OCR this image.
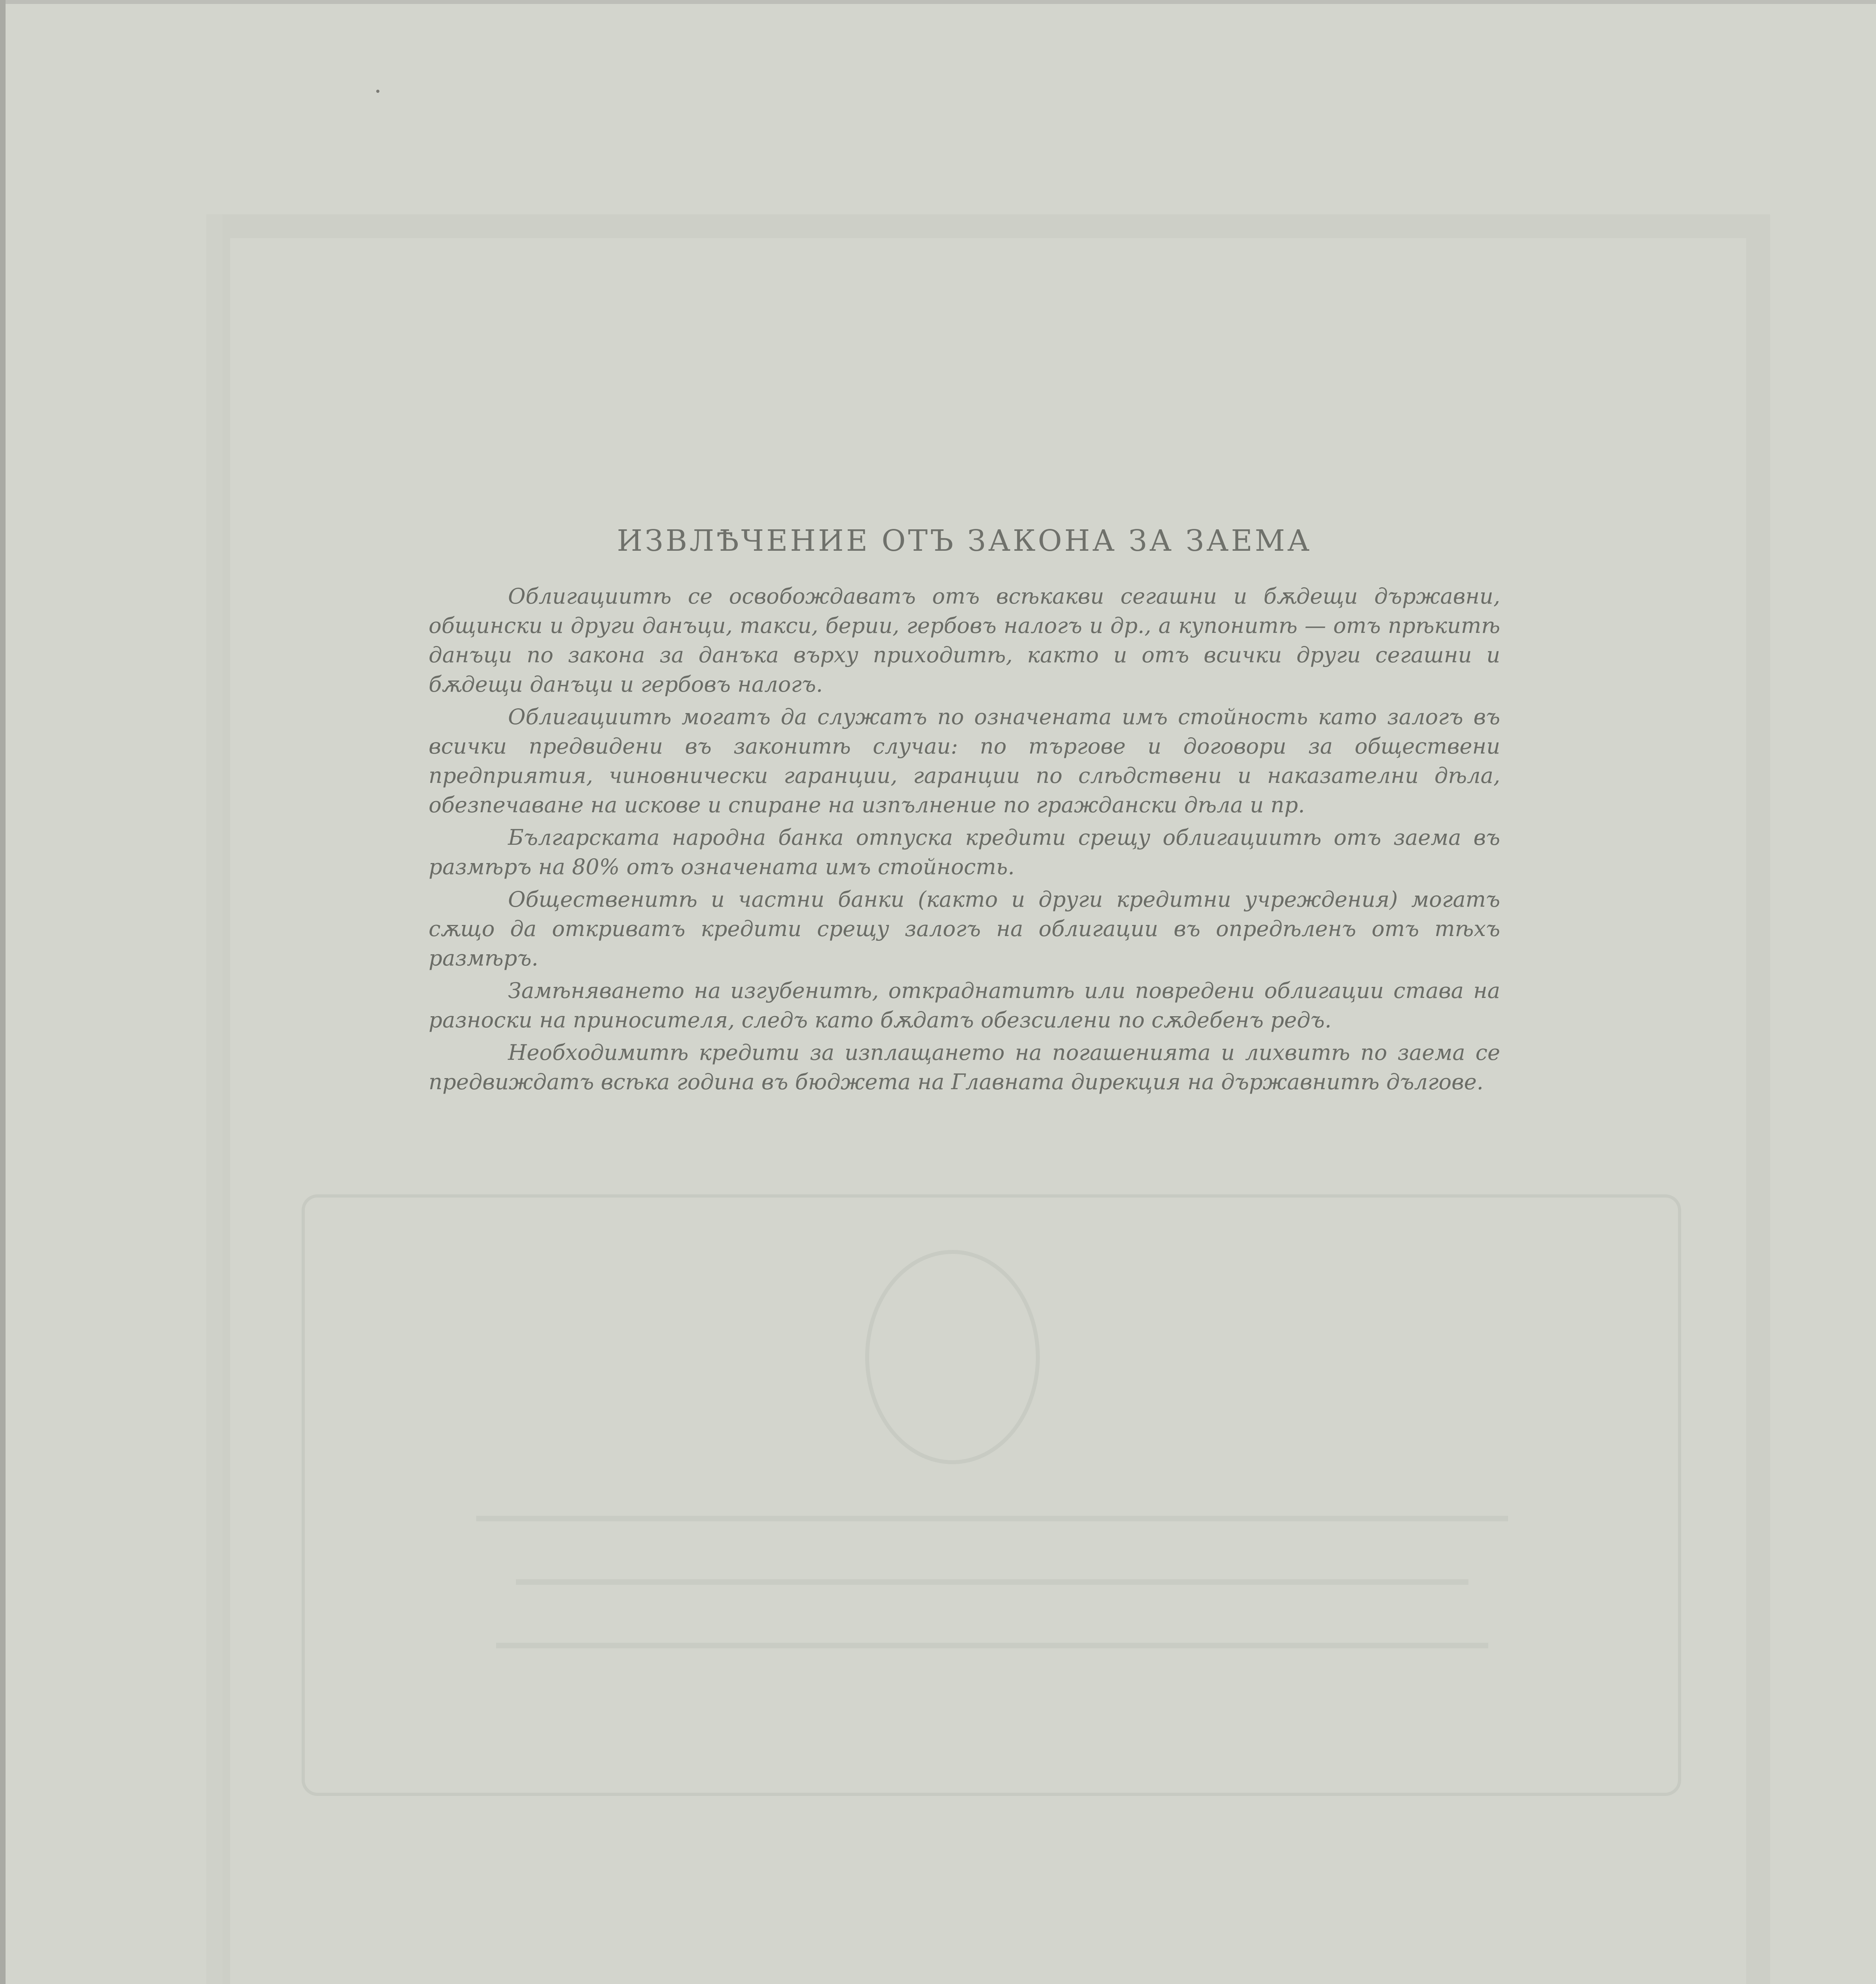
ИЗВЛѢЧЕНИЕ ОТЪ ЗАКОНА ЗА ЗАЕМА

Облигациитѣ се освобождаватъ отъ всѣкакви сегашни и бѫдещи държавни, общински и други данъци, такси, берии, гербовъ налогъ и др., а купонитѣ — отъ прѣкитѣ данъци по закона за данъка върху приходитѣ, както и отъ всички други сегашни и бѫдещи данъци и гербовъ налогъ.

Облигациитѣ могатъ да служатъ по означената имъ стойность като залогъ въ всички предвидени въ законитѣ случаи: по търгове и договори за обществени предприятия, чиновнически гаранции, гаранции по слѣдствени и наказателни дѣла, обезпечаване на искове и спиране на изпълнение по граждански дѣла и пр.

Българската народна банка отпуска кредити срещу облигациитѣ отъ заема въ размѣръ на 80% отъ означената имъ стойность.

Общественитѣ и частни банки (както и други кредитни учреждения) могатъ сѫщо да откриватъ кредити срещу залогъ на облигации въ опредѣленъ отъ тѣхъ размѣръ.

Замѣняването на изгубенитѣ, откраднатитѣ или повредени облигации става на разноски на приносителя, следъ като бѫдатъ обезсилени по сѫдебенъ редъ.

Необходимитѣ кредити за изплащането на погашенията и лихвитѣ по заема се предвиждатъ всѣка година въ бюджета на Главната дирекция на държавнитѣ дългове.
